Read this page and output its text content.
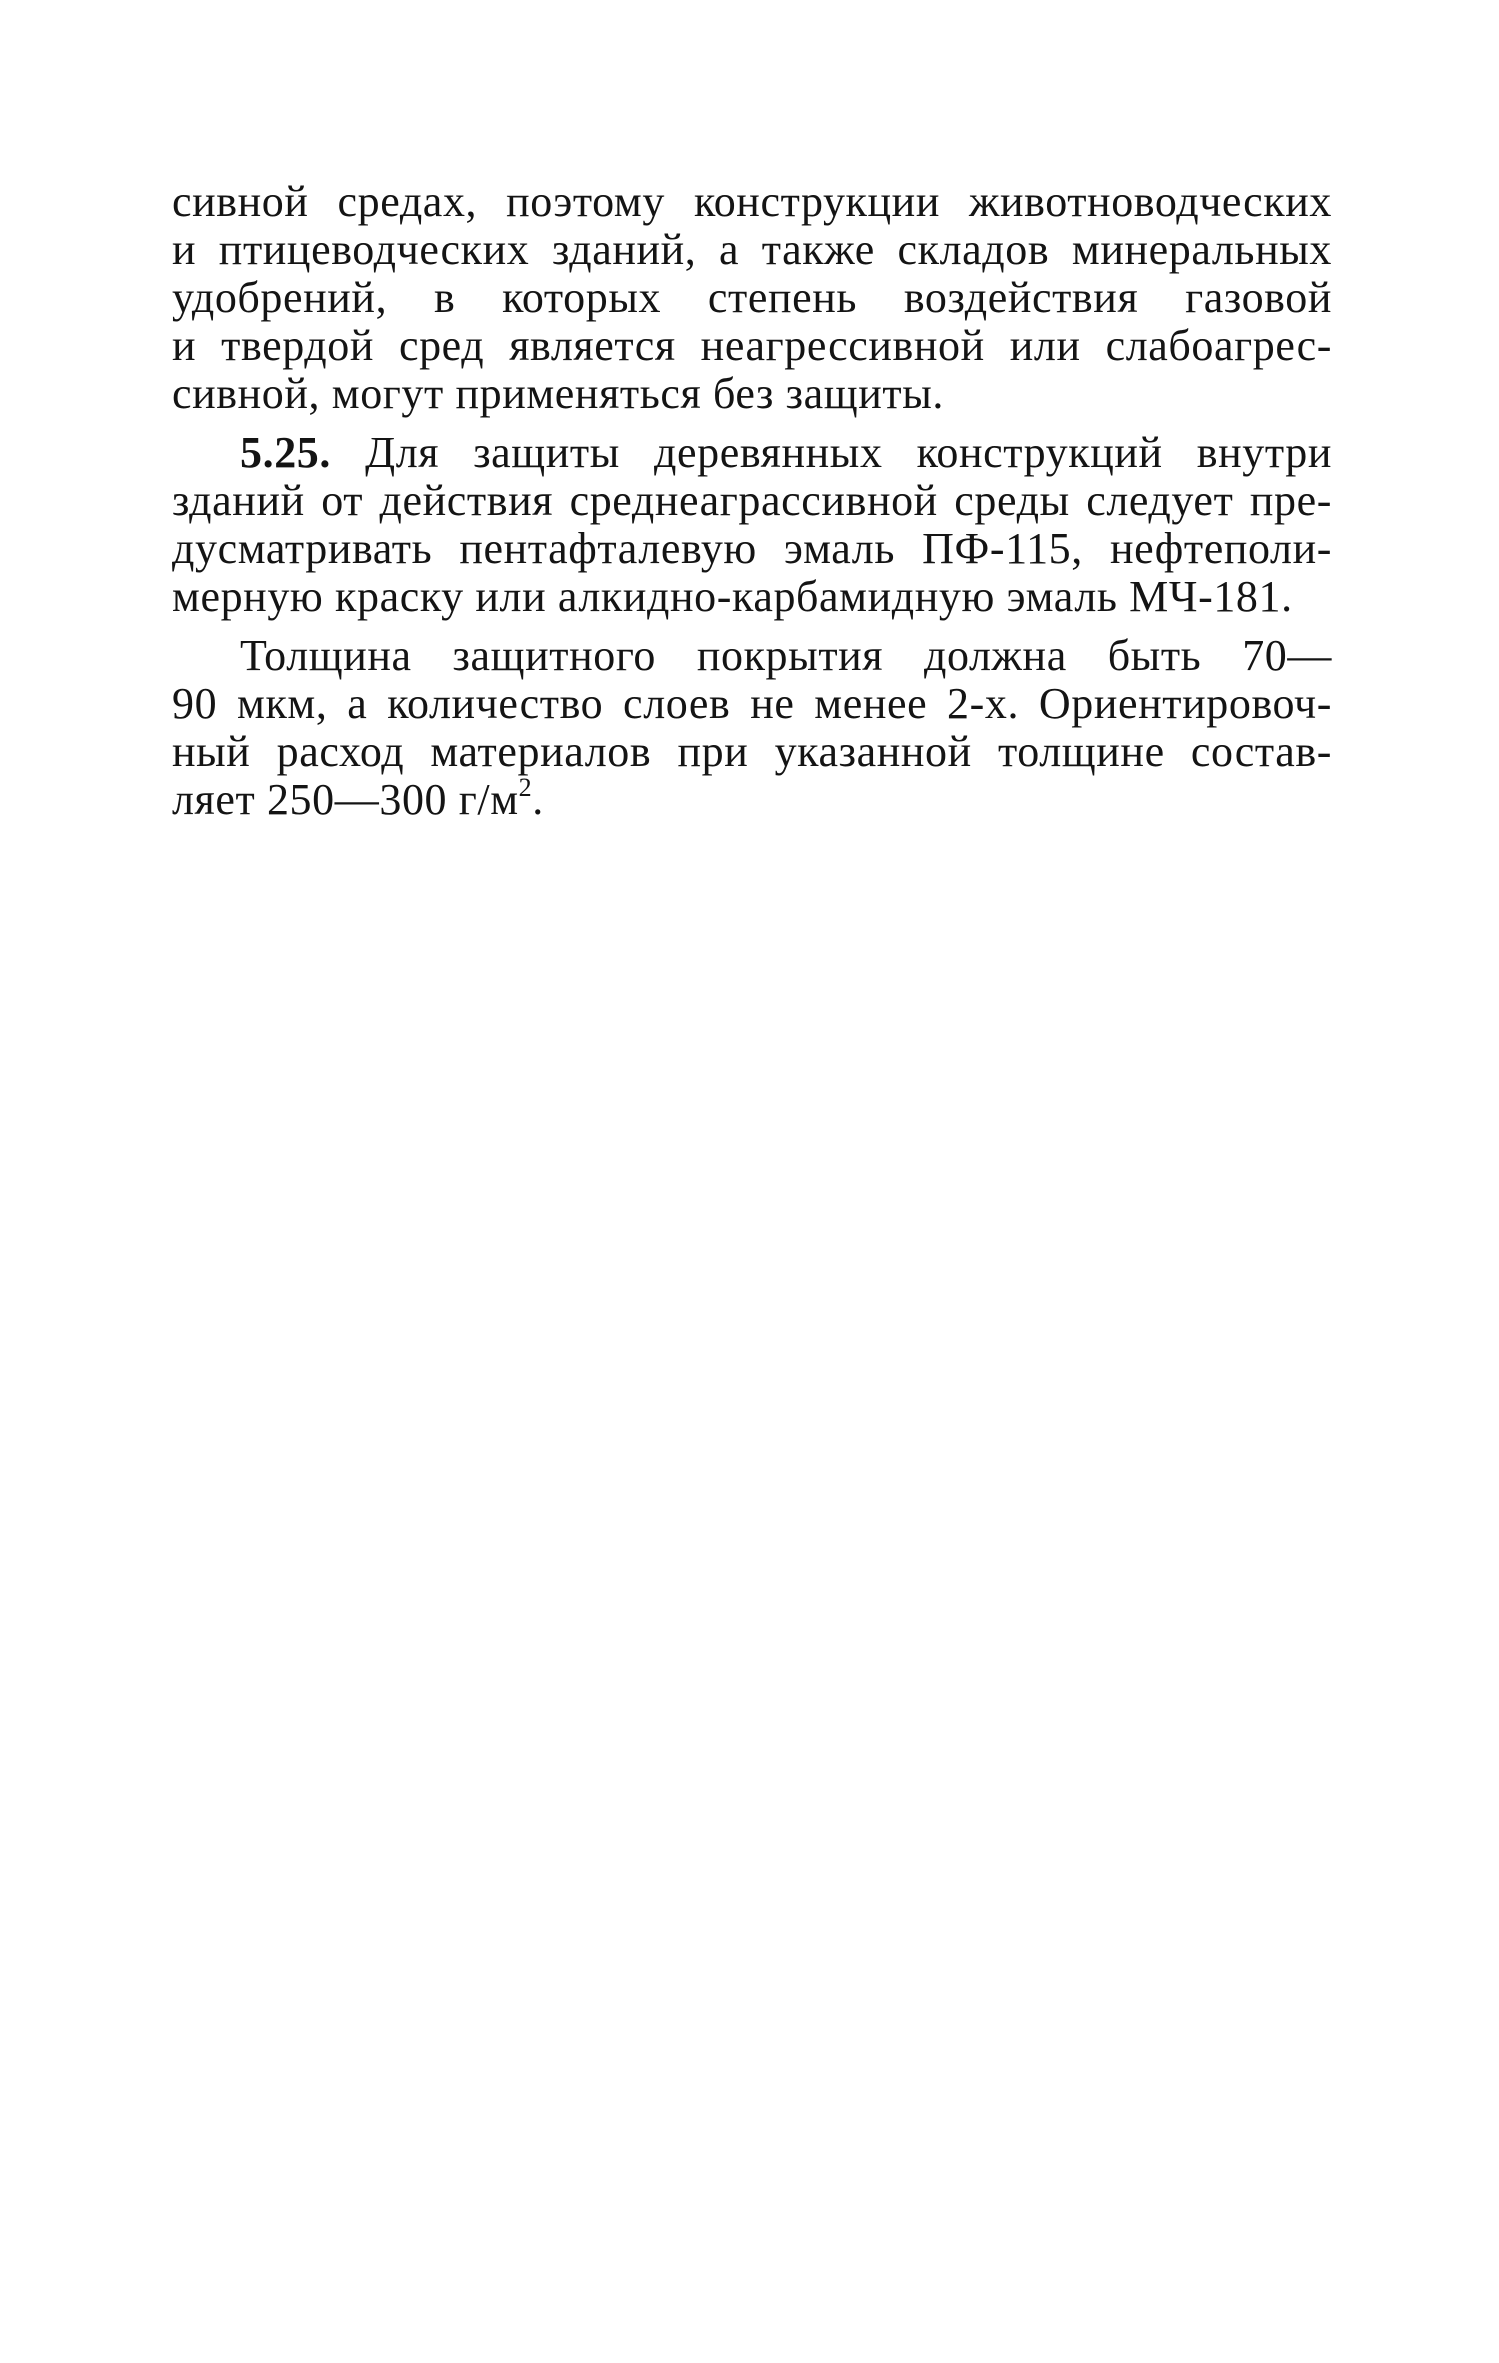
сивной средах, поэтому конструкции животноводческих
и птицеводческих зданий, а также складов минеральных
удобрений, в которых степень воздействия газовой
и твердой сред является неагрессивной или слабоагрес-
сивной, могут применяться без защиты.
5.25. Для защиты деревянных конструкций внутри
зданий от действия среднеаграссивной среды следует пре-
дусматривать пентафталевую эмаль ПФ-115, нефтеполи-
мерную краску или алкидно-карбамидную эмаль МЧ-181.
Толщина защитного покрытия должна быть 70—
90 мкм, а количество слоев не менее 2-х. Ориентировоч-
ный расход материалов при указанной толщине состав-
ляет 250—300 $г/м^2$.
